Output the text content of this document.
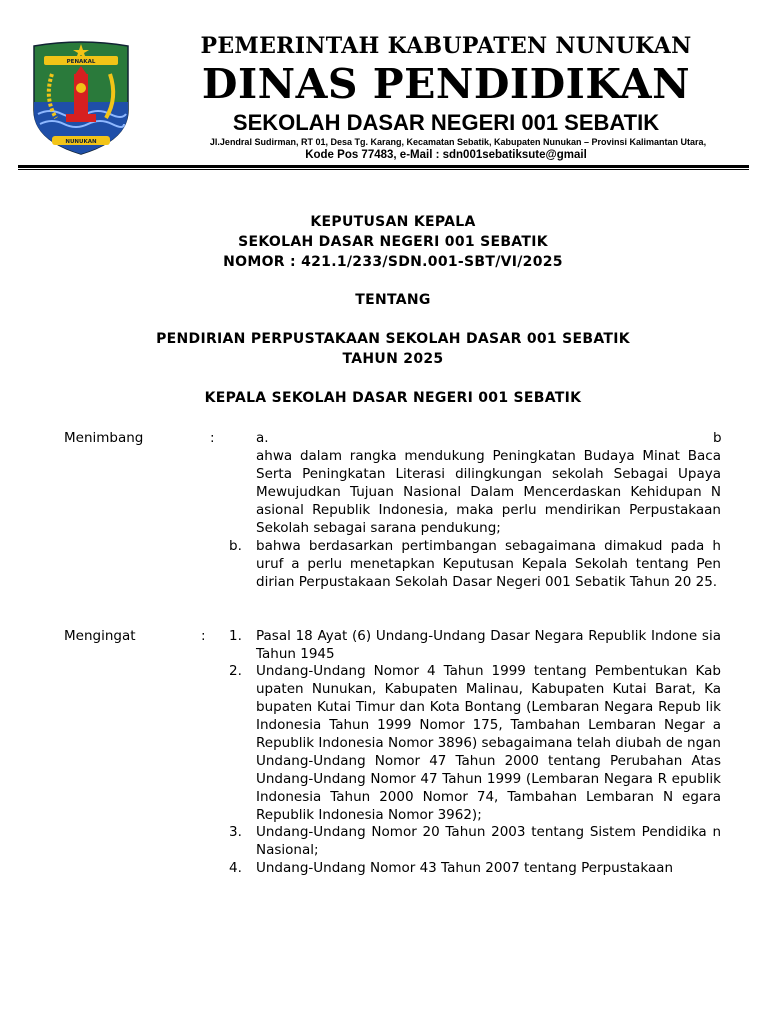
PENAKAL
NUNUKAN
PEMERINTAH KABUPATEN NUNUKAN
DINAS PENDIDIKAN
SEKOLAH DASAR NEGERI 001 SEBATIK
Jl.Jendral Sudirman, RT 01, Desa Tg. Karang, Kecamatan Sebatik, Kabupaten Nunukan – Provinsi Kalimantan Utara,
Kode Pos 77483, e-Mail : sdn001sebatiksute@gmail
KEPUTUSAN KEPALA
SEKOLAH DASAR NEGERI 001 SEBATIK
NOMOR : 421.1/233/SDN.001-SBT/VI/2025
TENTANG
PENDIRIAN PERPUSTAKAAN SEKOLAH DASAR 001 SEBATIK
TAHUN 2025
KEPALA SEKOLAH DASAR NEGERI 001 SEBATIK
Menimbang	:	a.	b
ahwa dalam rangka mendukung Peningkatan Budaya Minat Baca Serta Peningkatan Literasi dilingkungan sekolah Sebagai Upaya Mewujudkan Tujuan Nasional Dalam Mencerdaskan Kehidupan N asional Republik Indonesia, maka perlu mendirikan Perpustakaan Sekolah sebagai sarana pendukung;
b. bahwa berdasarkan pertimbangan sebagaimana dimakud pada h uruf a perlu menetapkan Keputusan Kepala Sekolah tentang Pen dirian Perpustakaan Sekolah Dasar Negeri 001 Sebatik Tahun 20 25.
Mengingat	: 1. Pasal 18 Ayat (6) Undang-Undang Dasar Negara Republik Indone sia Tahun 1945
2. Undang-Undang Nomor 4 Tahun 1999 tentang Pembentukan Kab upaten Nunukan, Kabupaten Malinau, Kabupaten Kutai Barat, Ka bupaten Kutai Timur dan Kota Bontang (Lembaran Negara Repub lik Indonesia Tahun 1999 Nomor 175, Tambahan Lembaran Negar a Republik Indonesia Nomor 3896) sebagaimana telah diubah de ngan Undang-Undang Nomor 47 Tahun 2000 tentang Perubahan Atas Undang-Undang Nomor 47 Tahun 1999 (Lembaran Negara R epublik Indonesia Tahun 2000 Nomor 74, Tambahan Lembaran N egara Republik Indonesia Nomor 3962);
3. Undang-Undang Nomor 20 Tahun 2003 tentang Sistem Pendidika n Nasional;
4. Undang-Undang Nomor 43 Tahun 2007 tentang Perpustakaan
